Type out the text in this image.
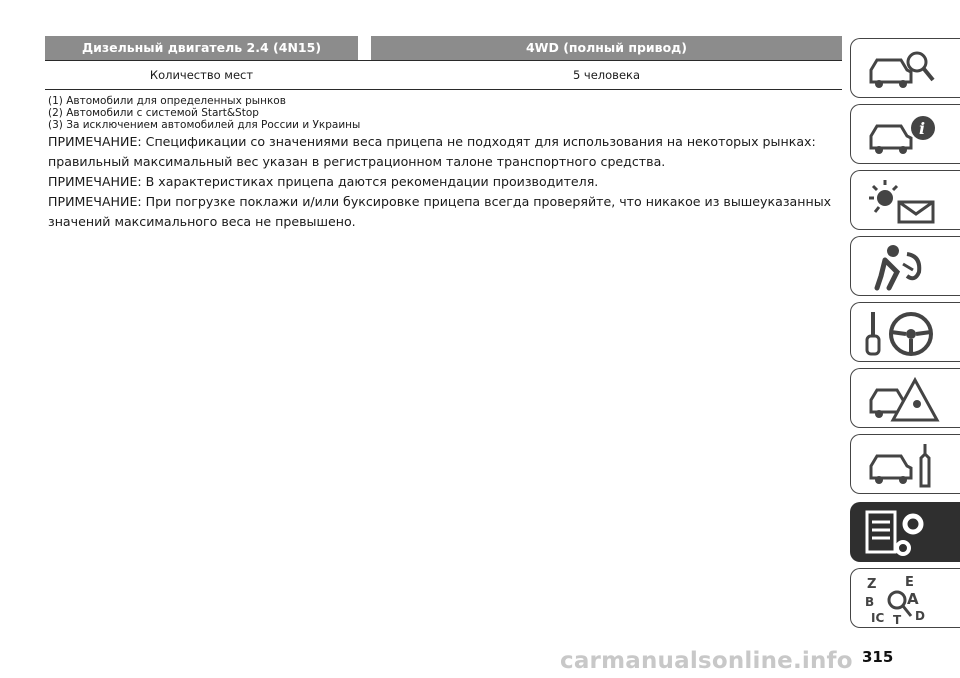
Дизельный двигатель 2.4 (4N15)	4WD (полный привод)
Количество мест	5 человека
(1) Автомобили для определенных рынков
(2) Автомобили с системой Start&Stop
(3) За исключением автомобилей для России и Украины
ПРИМЕЧАНИЕ: Спецификации со значениями веса прицепа не подходят для использования на некоторых рынках: правильный максимальный вес указан в регистрационном талоне транспортного средства.
ПРИМЕЧАНИЕ: В характеристиках прицепа даются рекомендации производителя.
ПРИМЕЧАНИЕ: При погрузке поклажи и/или буксировке прицепа всегда проверяйте, что никакое из вышеуказанных значений максимального веса не превышено.
i
Z E
B A
IC T D
315
carmanualsonline.info
